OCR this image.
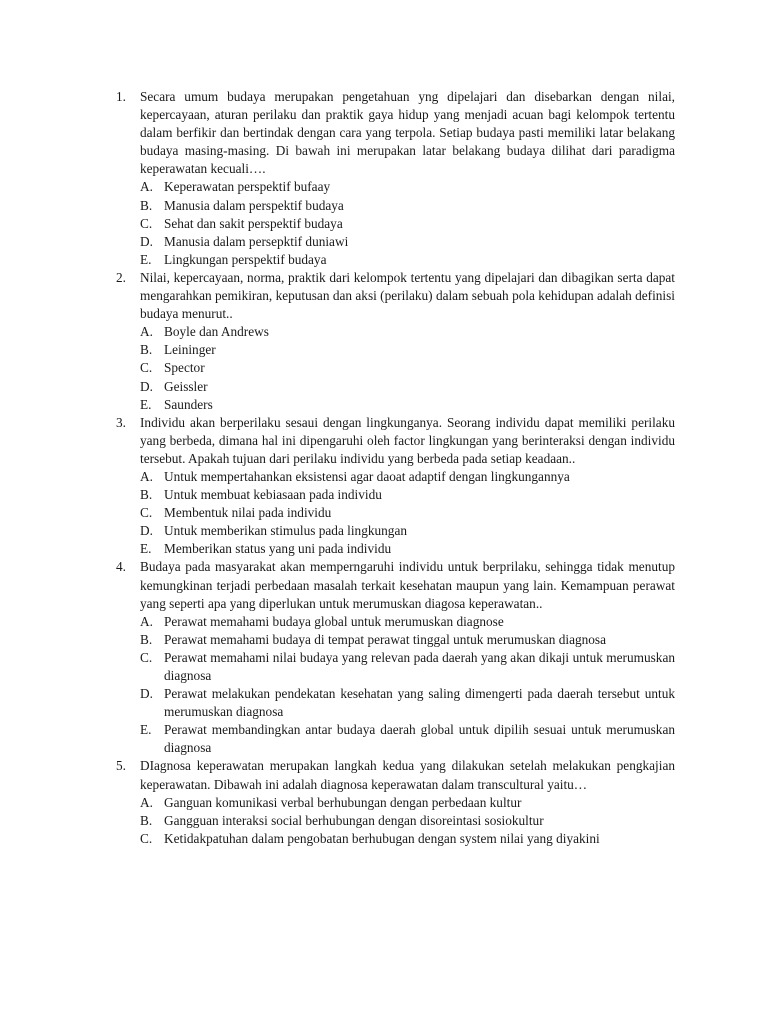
1. Secara umum budaya merupakan pengetahuan yng dipelajari dan disebarkan dengan nilai, kepercayaan, aturan perilaku dan praktik gaya hidup yang menjadi acuan bagi kelompok tertentu dalam berfikir dan bertindak dengan cara yang terpola. Setiap budaya pasti memiliki latar belakang budaya masing-masing. Di bawah ini merupakan latar belakang budaya dilihat dari paradigma keperawatan kecuali….
A. Keperawatan perspektif bufaay
B. Manusia dalam perspektif budaya
C. Sehat dan sakit perspektif budaya
D. Manusia dalam persepktif duniawi
E. Lingkungan perspektif budaya
2. Nilai, kepercayaan, norma, praktik dari kelompok tertentu yang dipelajari dan dibagikan serta dapat mengarahkan pemikiran, keputusan dan aksi (perilaku) dalam sebuah pola kehidupan adalah definisi budaya menurut..
A. Boyle dan Andrews
B. Leininger
C. Spector
D. Geissler
E. Saunders
3. Individu akan berperilaku sesaui dengan lingkunganya. Seorang individu dapat memiliki perilaku yang berbeda, dimana hal ini dipengaruhi oleh factor lingkungan yang berinteraksi dengan individu tersebut. Apakah tujuan dari perilaku individu yang berbeda pada setiap keadaan..
A. Untuk mempertahankan eksistensi agar daoat adaptif dengan lingkungannya
B. Untuk membuat kebiasaan pada individu
C. Membentuk nilai pada individu
D. Untuk memberikan stimulus pada lingkungan
E. Memberikan status yang uni pada individu
4. Budaya pada masyarakat akan memperngaruhi individu untuk berprilaku, sehingga tidak menutup kemungkinan terjadi perbedaan masalah terkait kesehatan maupun yang lain. Kemampuan perawat yang seperti apa yang diperlukan untuk merumuskan diagosa keperawatan..
A. Perawat memahami budaya global untuk merumuskan diagnose
B. Perawat memahami budaya di tempat perawat tinggal untuk merumuskan diagnosa
C. Perawat memahami nilai budaya yang relevan pada daerah yang akan dikaji untuk merumuskan diagnosa
D. Perawat melakukan pendekatan kesehatan yang saling dimengerti pada daerah tersebut untuk merumuskan diagnosa
E. Perawat membandingkan antar budaya daerah global untuk dipilih sesuai untuk merumuskan diagnosa
5. DIagnosa keperawatan merupakan langkah kedua yang dilakukan setelah melakukan pengkajian keperawatan. Dibawah ini adalah diagnosa keperawatan dalam transcultural yaitu…
A. Ganguan komunikasi verbal berhubungan dengan perbedaan kultur
B. Gangguan interaksi social berhubungan dengan disoreintasi sosiokultur
C. Ketidakpatuhan dalam pengobatan berhubugan dengan system nilai yang diyakini
